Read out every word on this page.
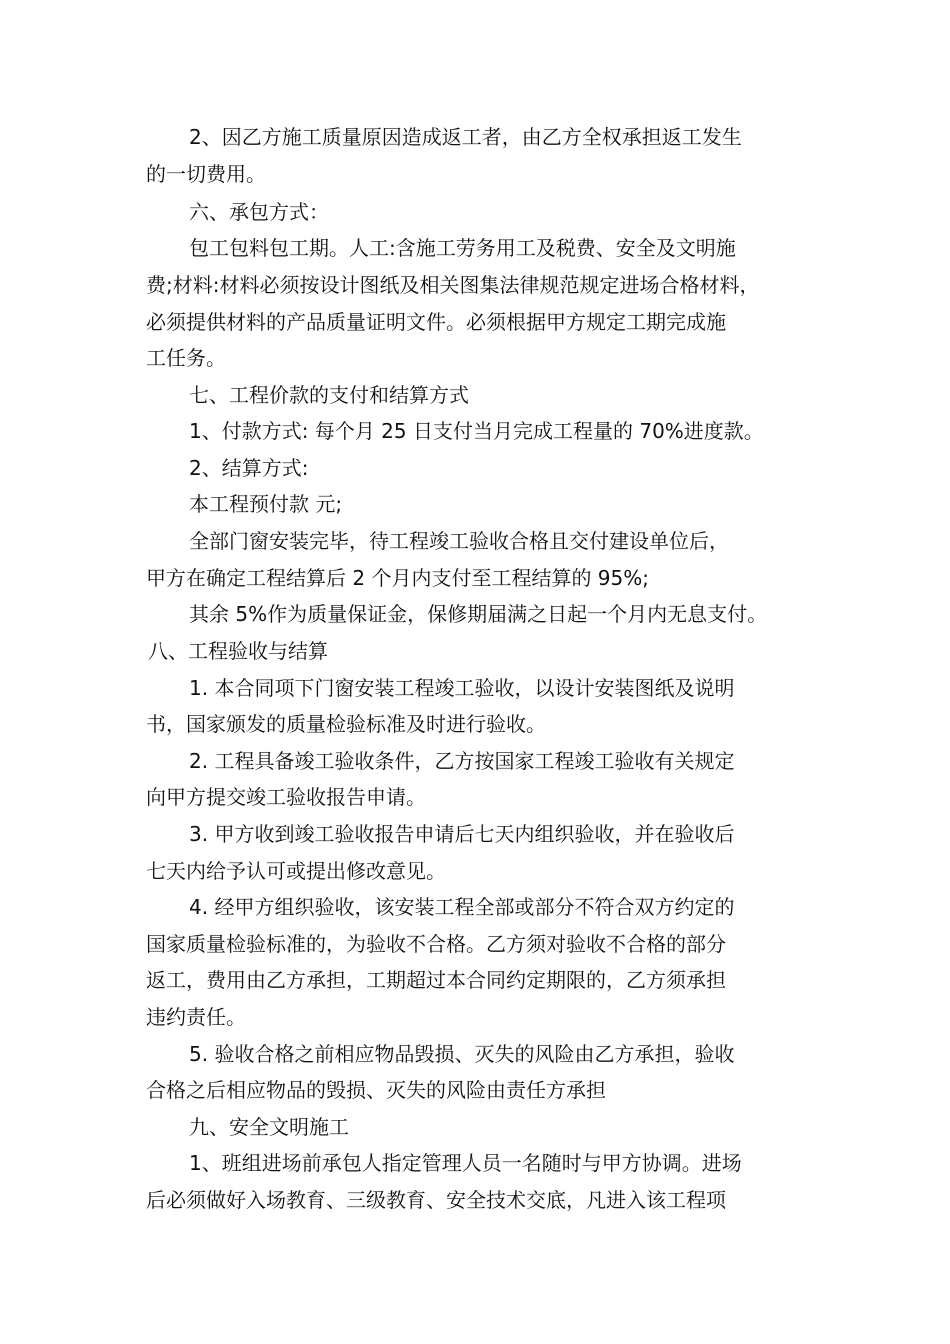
2、因乙方施工质量原因造成返工者，由乙方全权承担返工发生

的一切费用。

六、承包方式：

包工包料包工期。人工:含施工劳务用工及税费、安全及文明施

费;材料:材料必须按设计图纸及相关图集法律规范规定进场合格材料，

必须提供材料的产品质量证明文件。必须根据甲方规定工期完成施

工任务。

七、工程价款的支付和结算方式

1、付款方式: 每个月 25 日支付当月完成工程量的 70%进度款。

2、结算方式:

本工程预付款 元;

全部门窗安装完毕，待工程竣工验收合格且交付建设单位后，

甲方在确定工程结算后 2 个月内支付至工程结算的 95%;

其余 5%作为质量保证金，保修期届满之日起一个月内无息支付。

八、工程验收与结算

1. 本合同项下门窗安装工程竣工验收，以设计安装图纸及说明

书，国家颁发的质量检验标准及时进行验收。

2. 工程具备竣工验收条件，乙方按国家工程竣工验收有关规定

向甲方提交竣工验收报告申请。

3. 甲方收到竣工验收报告申请后七天内组织验收，并在验收后

七天内给予认可或提出修改意见。

4. 经甲方组织验收，该安装工程全部或部分不符合双方约定的

国家质量检验标准的，为验收不合格。乙方须对验收不合格的部分

返工，费用由乙方承担，工期超过本合同约定期限的，乙方须承担

违约责任。

5. 验收合格之前相应物品毁损、灭失的风险由乙方承担，验收

合格之后相应物品的毁损、灭失的风险由责任方承担

九、安全文明施工

1、班组进场前承包人指定管理人员一名随时与甲方协调。进场

后必须做好入场教育、三级教育、安全技术交底，凡进入该工程项
